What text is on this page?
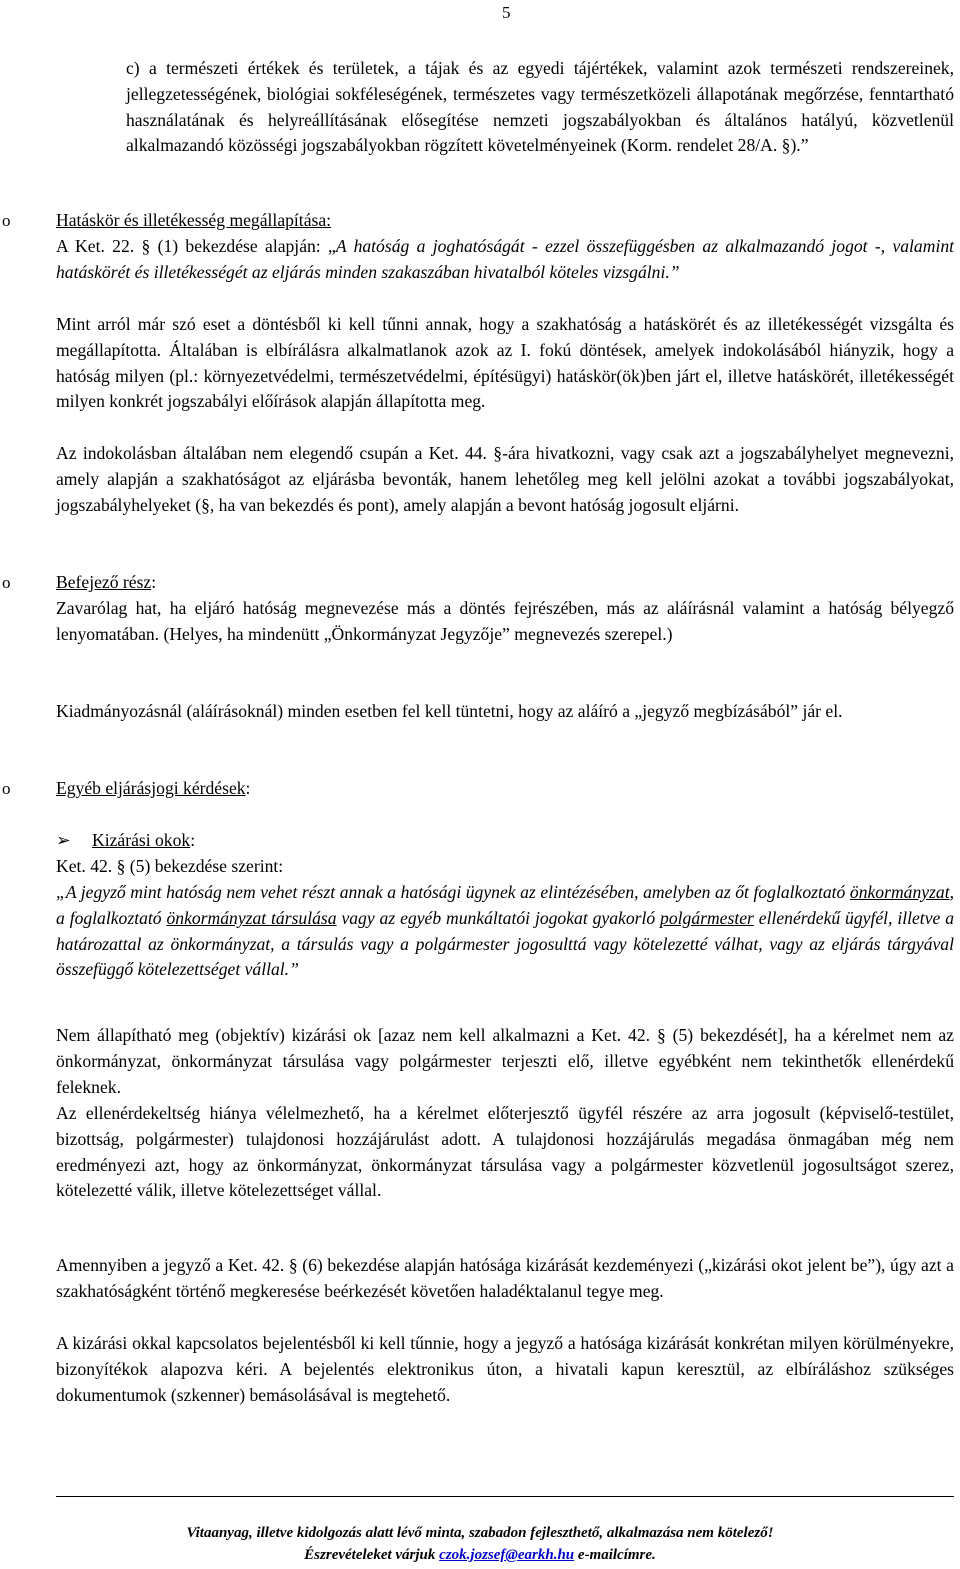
5
c) a természeti értékek és területek, a tájak és az egyedi tájértékek, valamint azok természeti rendszereinek, jellegzetességének, biológiai sokféleségének, természetes vagy természetközeli állapotának megőrzése, fenntartható használatának és helyreállításának elősegítése nemzeti jogszabályokban és általános hatályú, közvetlenül alkalmazandó közösségi jogszabályokban rögzített követelményeinek (Korm. rendelet 28/A. §).”
o	Hatáskör és illetékesség megállapítása:
A Ket. 22. § (1) bekezdése alapján: „A hatóság a joghatóságát - ezzel összefüggésben az alkalmazandó jogot -, valamint hatáskörét és illetékességét az eljárás minden szakaszában hivatalból köteles vizsgálni.”
Mint arról már szó eset a döntésből ki kell tűnni annak, hogy a szakhatóság a hatáskörét és az illetékességét vizsgálta és megállapította. Általában is elbírálásra alkalmatlanok azok az I. fokú döntések, amelyek indokolásából hiányzik, hogy a hatóság milyen (pl.: környezetvédelmi, természetvédelmi, építésügyi) hatáskör(ök)ben járt el, illetve hatáskörét, illetékességét milyen konkrét jogszabályi előírások alapján állapította meg.
Az indokolásban általában nem elegendő csupán a Ket. 44. §-ára hivatkozni, vagy csak azt a jogszabályhelyet megnevezni, amely alapján a szakhatóságot az eljárásba bevonták, hanem lehetőleg meg kell jelölni azokat a további jogszabályokat, jogszabályhelyeket (§, ha van bekezdés és pont), amely alapján a bevont hatóság jogosult eljárni.
o	Befejező rész:
Zavarólag hat, ha eljáró hatóság megnevezése más a döntés fejrészében, más az aláírásnál valamint a hatóság bélyegző lenyomatában. (Helyes, ha mindenütt „Önkormányzat Jegyzője” megnevezés szerepel.)
Kiadmányozásnál (aláírásoknál) minden esetben fel kell tüntetni, hogy az aláíró a „jegyző megbízásából” jár el.
o	Egyéb eljárásjogi kérdések:
➢ Kizárási okok:
Ket. 42. § (5) bekezdése szerint:
„A jegyző mint hatóság nem vehet részt annak a hatósági ügynek az elintézésében, amelyben az őt foglalkoztató önkormányzat, a foglalkoztató önkormányzat társulása vagy az egyéb munkáltatói jogokat gyakorló polgármester ellenérdekű ügyfél, illetve a határozattal az önkormányzat, a társulás vagy a polgármester jogosulttá vagy kötelezetté válhat, vagy az eljárás tárgyával összefüggő kötelezettséget vállal.”
Nem állapítható meg (objektív) kizárási ok [azaz nem kell alkalmazni a Ket. 42. § (5) bekezdését], ha a kérelmet nem az önkormányzat, önkormányzat társulása vagy polgármester terjeszti elő, illetve egyébként nem tekinthetők ellenérdekű feleknek.
Az ellenérdekeltség hiánya vélelmezhető, ha a kérelmet előterjesztő ügyfél részére az arra jogosult (képviselő-testület, bizottság, polgármester) tulajdonosi hozzájárulást adott. A tulajdonosi hozzájárulás megadása önmagában még nem eredményezi azt, hogy az önkormányzat, önkormányzat társulása vagy a polgármester közvetlenül jogosultságot szerez, kötelezetté válik, illetve kötelezettséget vállal.
Amennyiben a jegyző a Ket. 42. § (6) bekezdése alapján hatósága kizárását kezdeményezi („kizárási okot jelent be”), úgy azt a szakhatóságként történő megkeresése beérkezését követően haladéktalanul tegye meg.
A kizárási okkal kapcsolatos bejelentésből ki kell tűnnie, hogy a jegyző a hatósága kizárását konkrétan milyen körülményekre, bizonyítékok alapozva kéri. A bejelentés elektronikus úton, a hivatali kapun keresztül, az elbíráláshoz szükséges dokumentumok (szkenner) bemásolásával is megtehető.
Vitaanyag, illetve kidolgozás alatt lévő minta, szabadon fejleszthető, alkalmazása nem kötelező!
Észrevételeket várjuk czok.jozsef@earkh.hu e-mailcímre.
